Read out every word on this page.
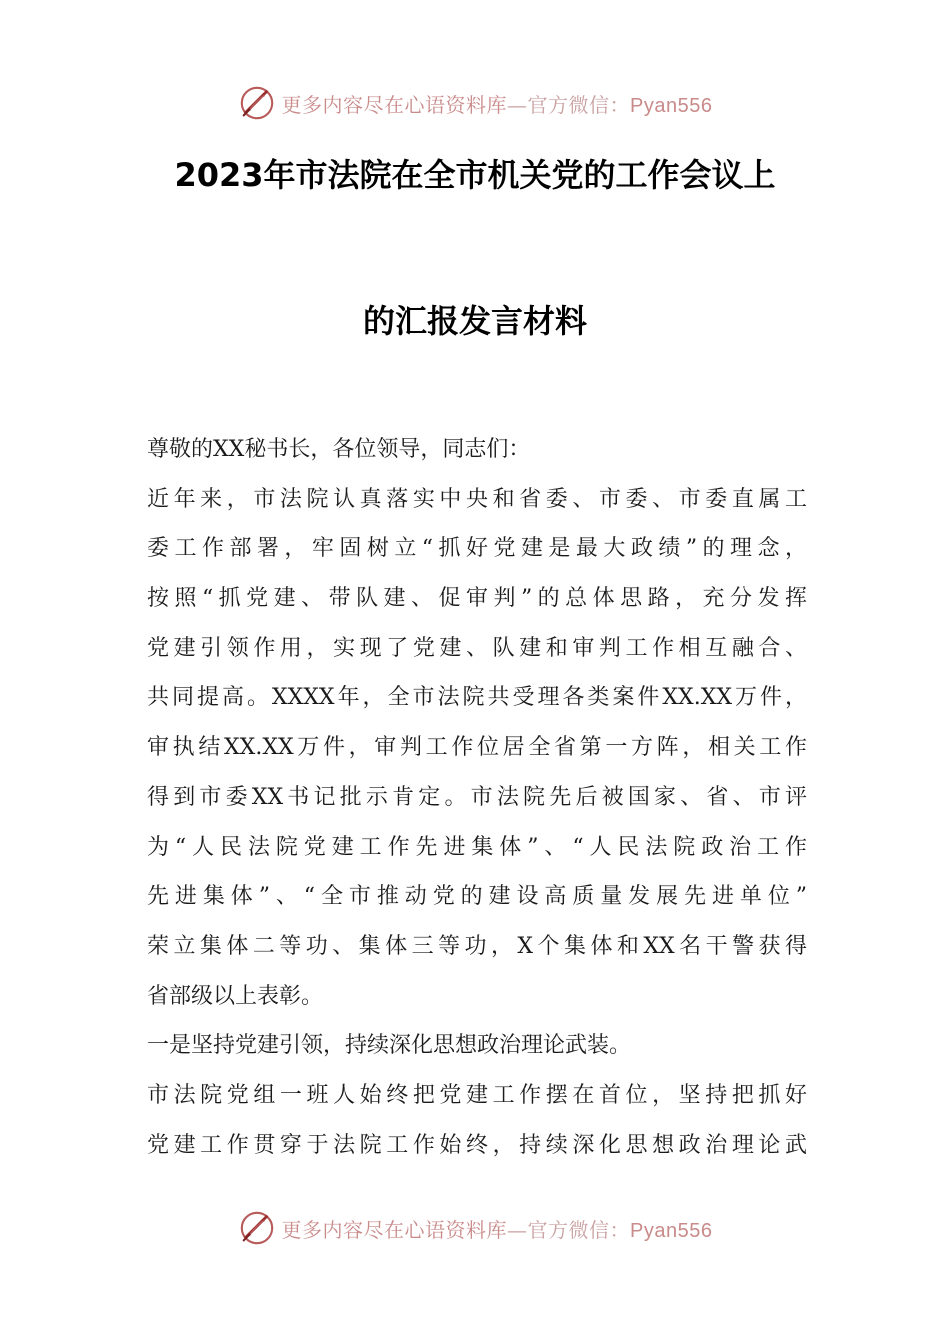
更多内容尽在心语资料库—官方微信：Pyan556
2023年市法院在全市机关党的工作会议上
的汇报发言材料
尊敬的XX秘书长，各位领导，同志们：
近年来，市法院认真落实中央和省委、市委、市委直属工
委工作部署，牢固树立“抓好党建是最大政绩”的理念，
按照“抓党建、带队建、促审判”的总体思路，充分发挥
党建引领作用，实现了党建、队建和审判工作相互融合、
共同提高。XXXX年，全市法院共受理各类案件XX.XX万件，
审执结XX.XX万件，审判工作位居全省第一方阵，相关工作
得到市委XX书记批示肯定。市法院先后被国家、省、市评
为“人民法院党建工作先进集体”、“人民法院政治工作
先进集体”、“全市推动党的建设高质量发展先进单位”
荣立集体二等功、集体三等功，X个集体和XX名干警获得
省部级以上表彰。
一是坚持党建引领，持续深化思想政治理论武装。
市法院党组一班人始终把党建工作摆在首位，坚持把抓好
党建工作贯穿于法院工作始终，持续深化思想政治理论武
更多内容尽在心语资料库—官方微信：Pyan556
